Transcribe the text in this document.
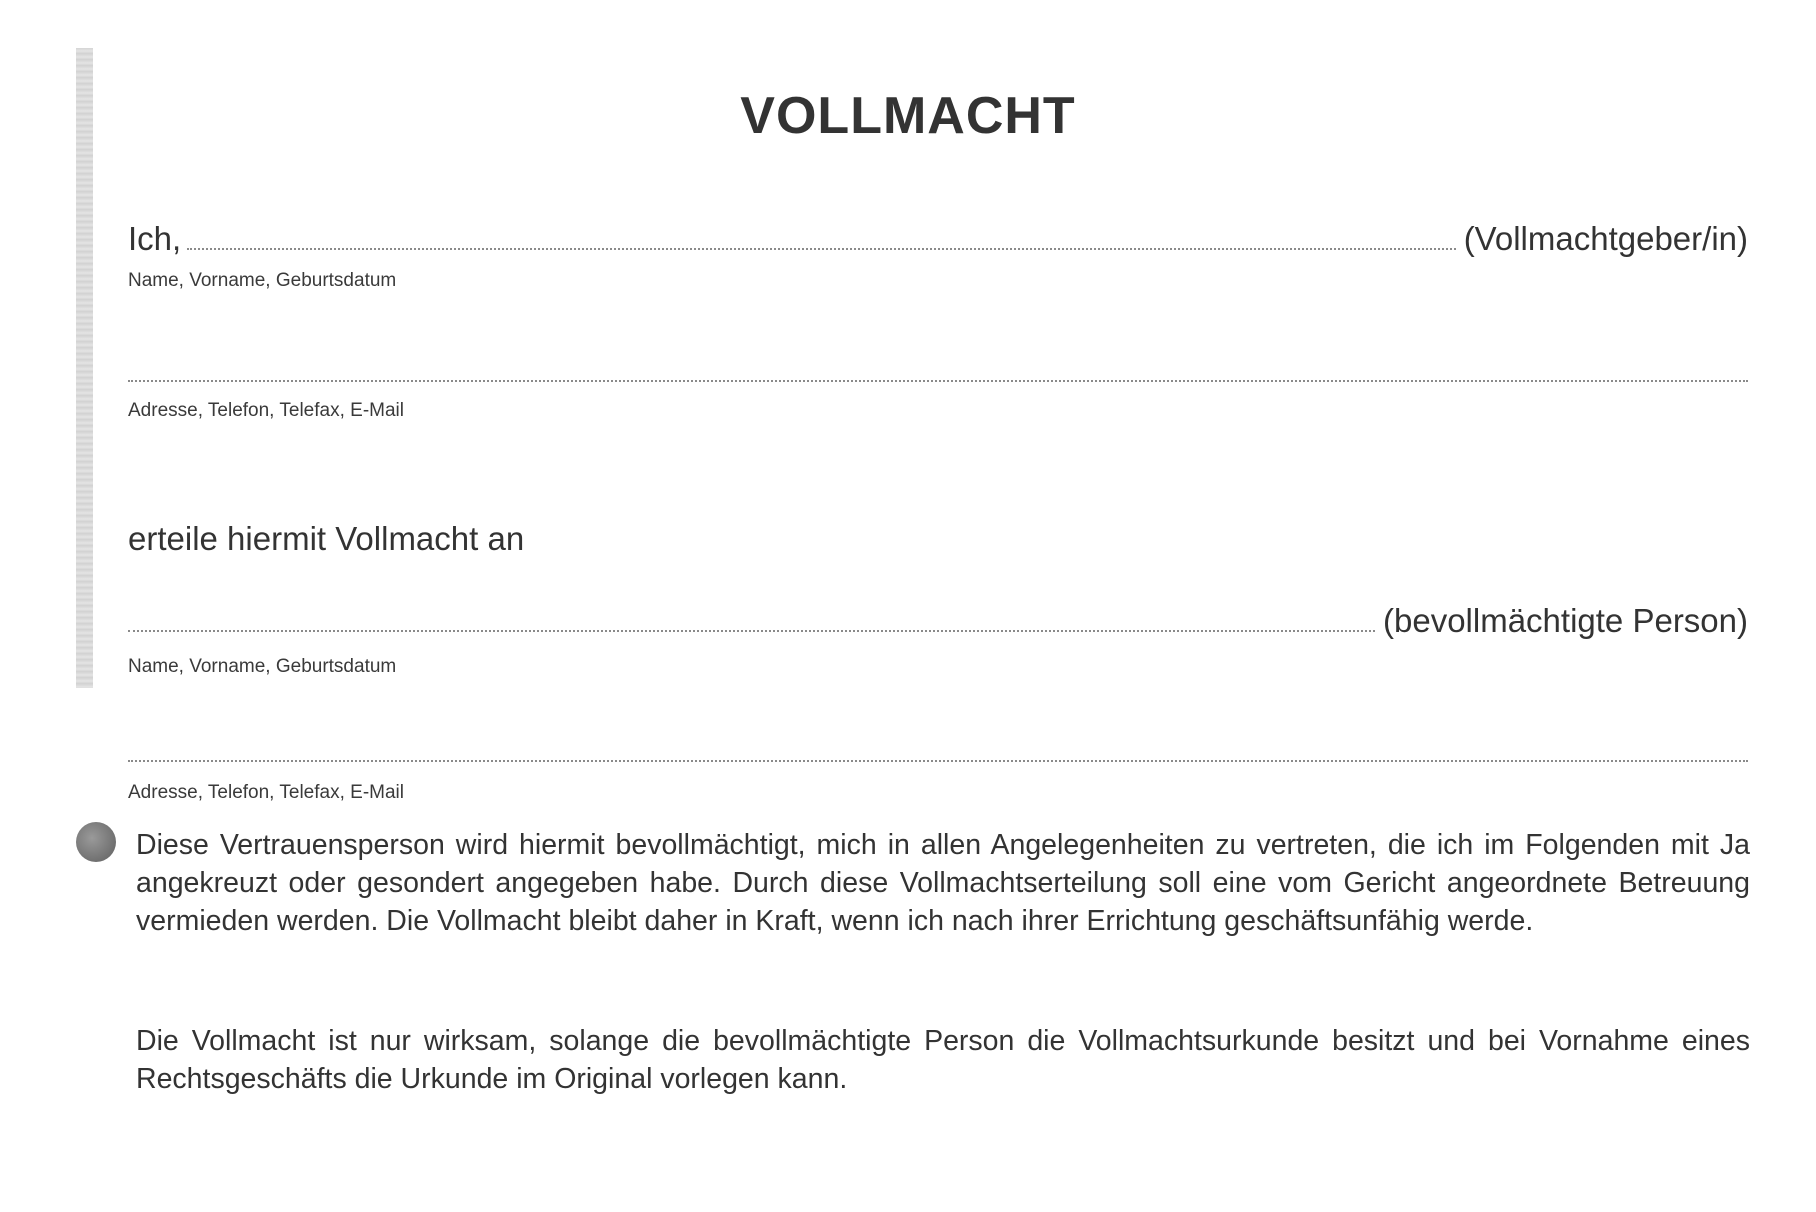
VOLLMACHT
Ich,	(Vollmachtgeber/in)
Name, Vorname, Geburtsdatum
Adresse, Telefon, Telefax, E-Mail
erteile hiermit Vollmacht an
(bevollmächtigte Person)
Name, Vorname, Geburtsdatum
Adresse, Telefon, Telefax, E-Mail
Diese Vertrauensperson wird hiermit bevollmächtigt, mich in allen Angelegenheiten zu vertreten, die ich im Folgenden mit Ja angekreuzt oder gesondert angegeben habe. Durch diese Vollmachtserteilung soll eine vom Gericht angeordnete Betreuung vermieden werden. Die Vollmacht bleibt daher in Kraft, wenn ich nach ihrer Errichtung geschäftsunfähig werde.
Die Vollmacht ist nur wirksam, solange die bevollmächtigte Person die Vollmachtsurkunde besitzt und bei Vornahme eines Rechtsgeschäfts die Urkunde im Original vorlegen kann.
